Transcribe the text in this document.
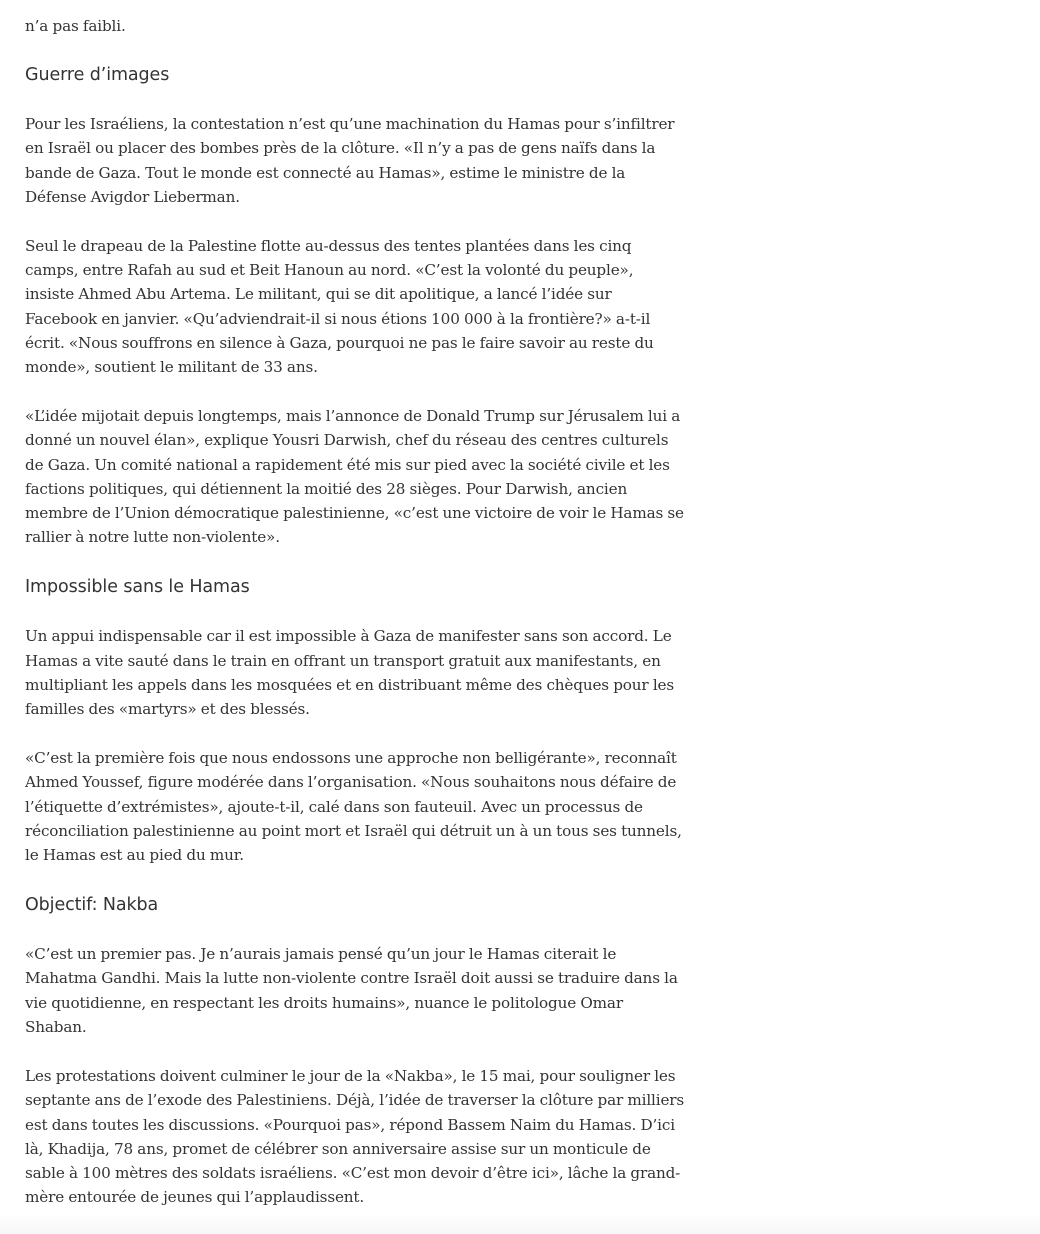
n’a pas faibli.

Guerre d’images

Pour les Israéliens, la contestation n’est qu’une machination du Hamas pour s’infiltrer en Israël ou placer des bombes près de la clôture. «Il n’y a pas de gens naïfs dans la bande de Gaza. Tout le monde est connecté au Hamas», estime le ministre de la Défense Avigdor Lieberman.

Seul le drapeau de la Palestine flotte au-dessus des tentes plantées dans les cinq camps, entre Rafah au sud et Beit Hanoun au nord. «C’est la volonté du peuple», insiste Ahmed Abu Artema. Le militant, qui se dit apolitique, a lancé l’idée sur Facebook en janvier. «Qu’adviendrait-il si nous étions 100 000 à la frontière?» a-t-il écrit. «Nous souffrons en silence à Gaza, pourquoi ne pas le faire savoir au reste du monde», soutient le militant de 33 ans.

«L’idée mijotait depuis longtemps, mais l’annonce de Donald Trump sur Jérusalem lui a donné un nouvel élan», explique Yousri Darwish, chef du réseau des centres culturels de Gaza. Un comité national a rapidement été mis sur pied avec la société civile et les factions politiques, qui détiennent la moitié des 28 sièges. Pour Darwish, ancien membre de l’Union démocratique palestinienne, «c’est une victoire de voir le Hamas se rallier à notre lutte non-violente».

Impossible sans le Hamas

Un appui indispensable car il est impossible à Gaza de manifester sans son accord. Le Hamas a vite sauté dans le train en offrant un transport gratuit aux manifestants, en multipliant les appels dans les mosquées et en distribuant même des chèques pour les familles des «martyrs» et des blessés.

«C’est la première fois que nous endossons une approche non belligérante», reconnaît Ahmed Youssef, figure modérée dans l’organisation. «Nous souhaitons nous défaire de l’étiquette d’extrémistes», ajoute-t-il, calé dans son fauteuil. Avec un processus de réconciliation palestinienne au point mort et Israël qui détruit un à un tous ses tunnels, le Hamas est au pied du mur.

Objectif: Nakba

«C’est un premier pas. Je n’aurais jamais pensé qu’un jour le Hamas citerait le Mahatma Gandhi. Mais la lutte non-violente contre Israël doit aussi se traduire dans la vie quotidienne, en respectant les droits humains», nuance le politologue Omar Shaban.

Les protestations doivent culminer le jour de la «Nakba», le 15 mai, pour souligner les septante ans de l’exode des Palestiniens. Déjà, l’idée de traverser la clôture par milliers est dans toutes les discussions. «Pourquoi pas», répond Bassem Naim du Hamas. D’ici là, Khadija, 78 ans, promet de célébrer son anniversaire assise sur un monticule de sable à 100 mètres des soldats israéliens. «C’est mon devoir d’être ici», lâche la grand-mère entourée de jeunes qui l’applaudissent.
